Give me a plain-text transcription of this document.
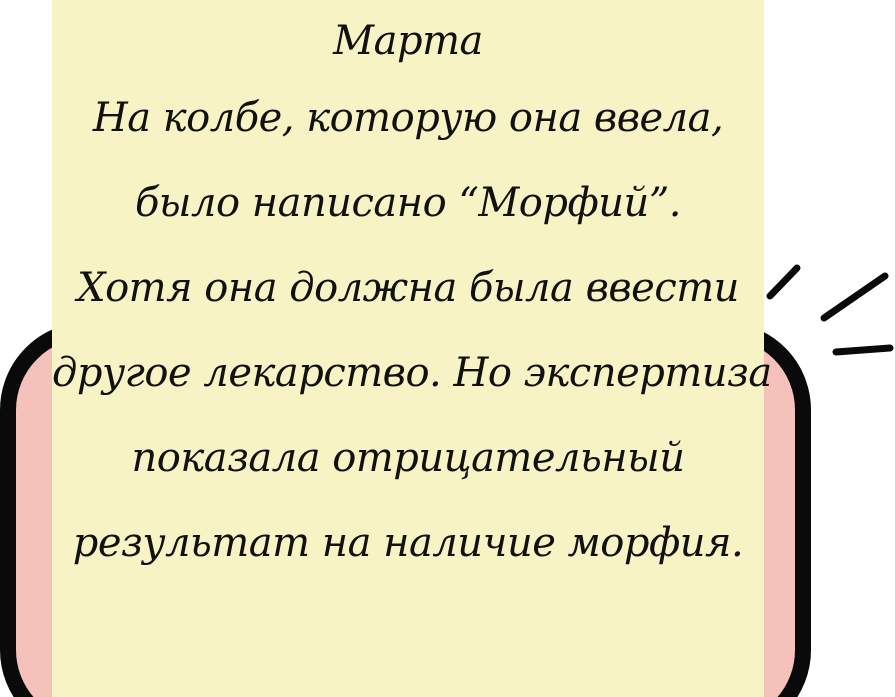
Марта
На колбе, которую она ввела,
было написано “Морфий”.
Хотя она должна была ввести
другое лекарство. Но экспертиза
показала отрицательный
результат на наличие морфия.
